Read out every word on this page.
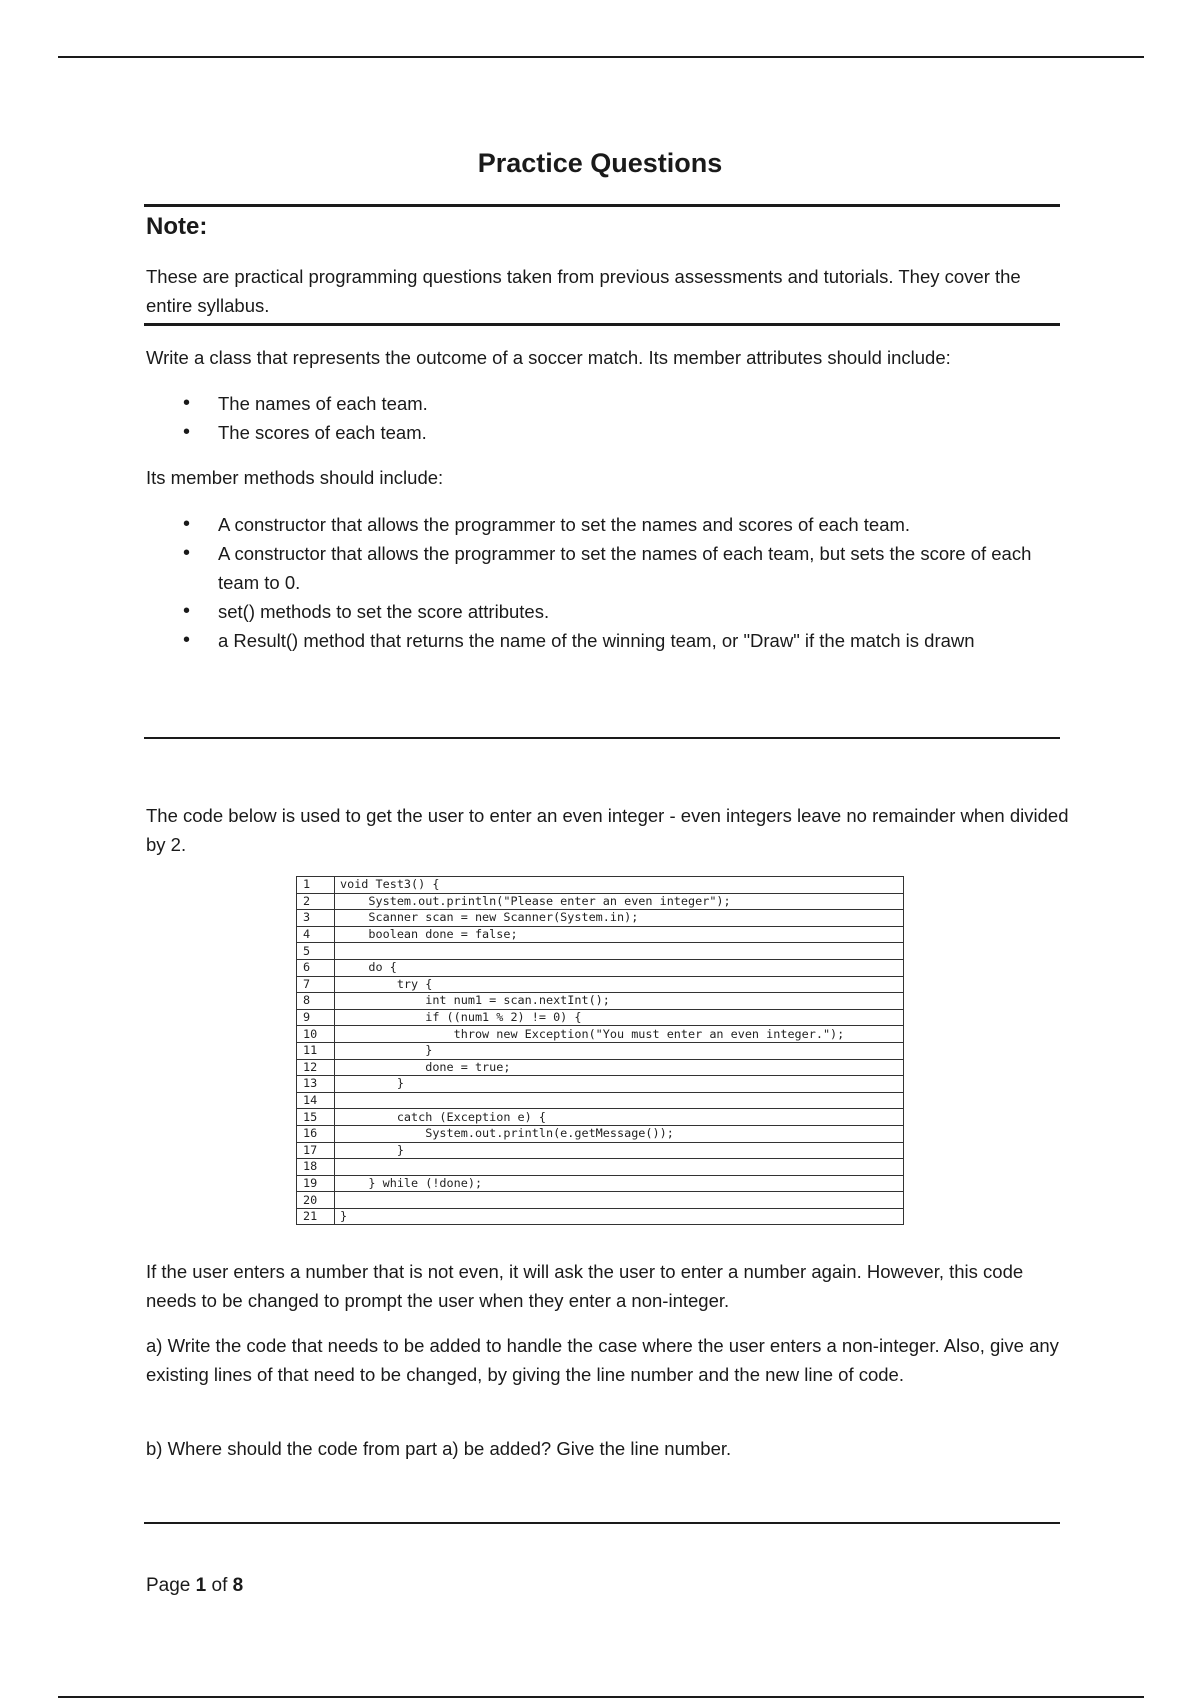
Practice Questions
Note:
These are practical programming questions taken from previous assessments and tutorials. They cover the entire syllabus.
Write a class that represents the outcome of a soccer match. Its member attributes should include:
• The names of each team.
• The scores of each team.
Its member methods should include:
• A constructor that allows the programmer to set the names and scores of each team.
• A constructor that allows the programmer to set the names of each team, but sets the score of each team to 0.
• set() methods to set the score attributes.
• a Result() method that returns the name of the winning team, or "Draw" if the match is drawn
The code below is used to get the user to enter an even integer - even integers leave no remainder when divided by 2.
1	void Test3() {
2	System.out.println("Please enter an even integer");
3	Scanner scan = new Scanner(System.in);
4	boolean done = false;
5	
6	do {
7	try {
8	int num1 = scan.nextInt();
9	if ((num1 % 2) != 0) {
10	throw new Exception("You must enter an even integer.");
11	}
12	done = true;
13	}
14	
15	catch (Exception e) {
16	System.out.println(e.getMessage());
17	}
18	
19	} while (!done);
20	
21	}
If the user enters a number that is not even, it will ask the user to enter a number again. However, this code needs to be changed to prompt the user when they enter a non-integer.
a) Write the code that needs to be added to handle the case where the user enters a non-integer. Also, give any existing lines of that need to be changed, by giving the line number and the new line of code.
b) Where should the code from part a) be added? Give the line number.
Page 1 of 8
